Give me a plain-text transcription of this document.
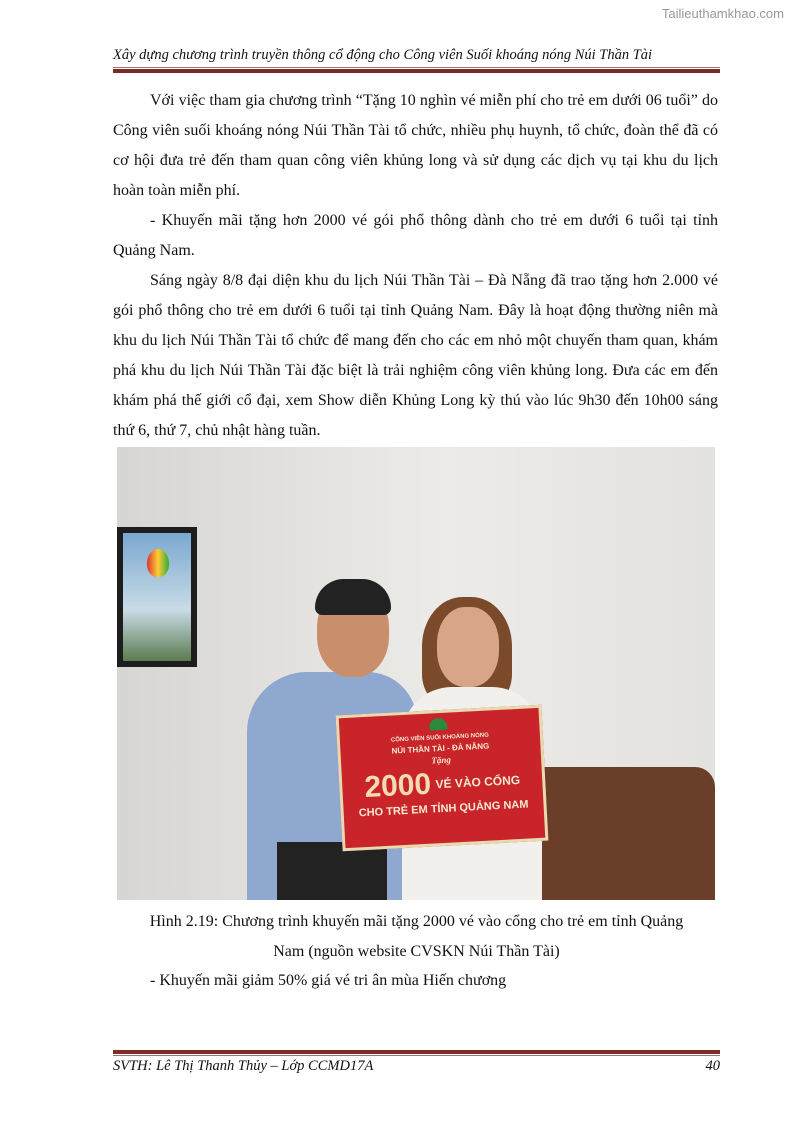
Tailieuthamkhao.com
Xây dựng chương trình truyền thông cổ động cho Công viên Suối khoáng nóng Núi Thần Tài

Với việc tham gia chương trình “Tặng 10 nghìn vé miễn phí cho trẻ em dưới 06 tuổi” do Công viên suối khoáng nóng Núi Thần Tài tổ chức, nhiều phụ huynh, tổ chức, đoàn thể đã có cơ hội đưa trẻ đến tham quan công viên khủng long và sử dụng các dịch vụ tại khu du lịch hoàn toàn miễn phí.

- Khuyến mãi tặng hơn 2000 vé gói phổ thông dành cho trẻ em dưới 6 tuổi tại tỉnh Quảng Nam.

Sáng ngày 8/8 đại diện khu du lịch Núi Thần Tài – Đà Nẵng đã trao tặng hơn 2.000 vé gói phổ thông cho trẻ em dưới 6 tuổi tại tỉnh Quảng Nam. Đây là hoạt động thường niên mà khu du lịch Núi Thần Tài tổ chức để mang đến cho các em nhỏ một chuyến tham quan, khám phá khu du lịch Núi Thần Tài đặc biệt là trải nghiệm công viên khủng long. Đưa các em đến khám phá thế giới cổ đại, xem Show diễn Khủng Long kỳ thú vào lúc 9h30 đến 10h00 sáng thứ 6, thứ 7, chủ nhật hàng tuần.

CÔNG VIÊN SUỐI KHOÁNG NÓNG
NÚI THẦN TÀI - ĐÀ NẴNG
Tặng
2000 VÉ VÀO CỔNG
CHO TRẺ EM TỈNH QUẢNG NAM
Hình 2.19: Chương trình khuyến mãi tặng 2000 vé vào cổng cho trẻ em tỉnh Quảng
Nam (nguồn website CVSKN Núi Thần Tài)
- Khuyến mãi giảm 50% giá vé tri ân mùa Hiến chương
SVTH: Lê Thị Thanh Thủy – Lớp CCMD17A	40
